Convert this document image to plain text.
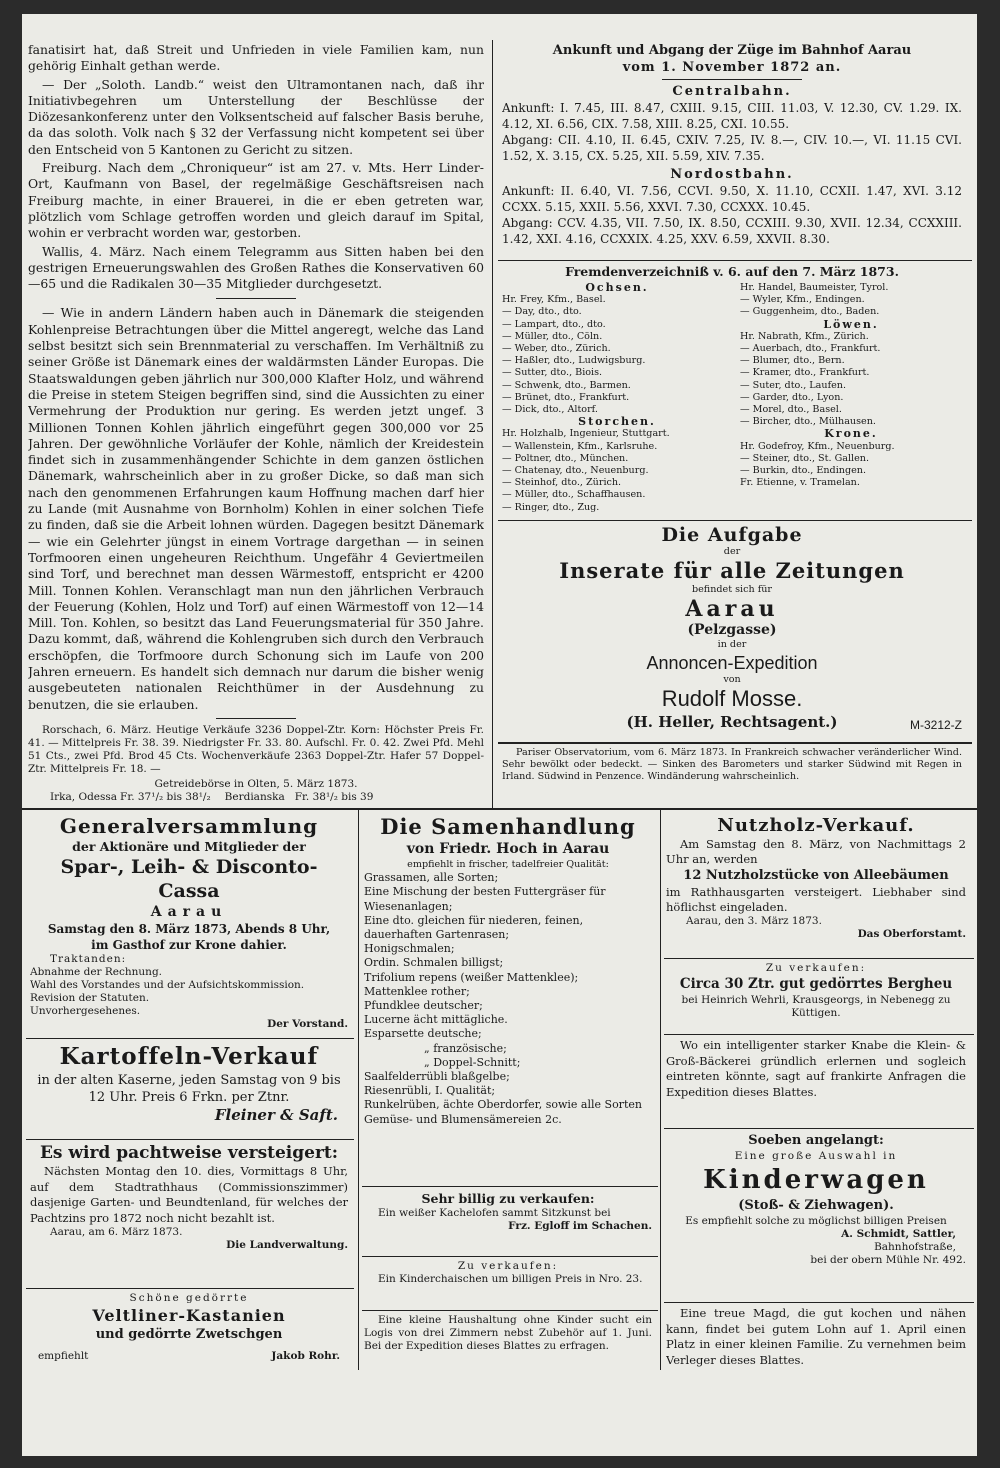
fanatisirt hat, daß Streit und Unfrieden in viele Familien kam, nun gehörig Einhalt gethan werde.

— Der „Soloth. Landb.“ weist den Ultramontanen nach, daß ihr Initiativbegehren um Unterstellung der Beschlüsse der Diözesankonferenz unter den Volksentscheid auf falscher Basis beruhe, da das soloth. Volk nach § 32 der Verfassung nicht kompetent sei über den Entscheid von 5 Kantonen zu Gericht zu sitzen.

Freiburg. Nach dem „Chroniqueur“ ist am 27. v. Mts. Herr Linder-Ort, Kaufmann von Basel, der regelmäßige Geschäftsreisen nach Freiburg machte, in einer Brauerei, in die er eben getreten war, plötzlich vom Schlage getroffen worden und gleich darauf im Spital, wohin er verbracht worden war, gestorben.

Wallis, 4. März. Nach einem Telegramm aus Sitten haben bei den gestrigen Erneuerungswahlen des Großen Rathes die Konservativen 60—65 und die Radikalen 30—35 Mitglieder durchgesetzt.

— Wie in andern Ländern haben auch in Dänemark die steigenden Kohlenpreise Betrachtungen über die Mittel angeregt, welche das Land selbst besitzt sich sein Brennmaterial zu verschaffen. Im Verhältniß zu seiner Größe ist Dänemark eines der waldärmsten Länder Europas. Die Staatswaldungen geben jährlich nur 300,000 Klafter Holz, und während die Preise in stetem Steigen begriffen sind, sind die Aussichten zu einer Vermehrung der Produktion nur gering. Es werden jetzt ungef. 3 Millionen Tonnen Kohlen jährlich eingeführt gegen 300,000 vor 25 Jahren. Der gewöhnliche Vorläufer der Kohle, nämlich der Kreidestein findet sich in zusammenhängender Schichte in dem ganzen östlichen Dänemark, wahrscheinlich aber in zu großer Dicke, so daß man sich nach den genommenen Erfahrungen kaum Hoffnung machen darf hier zu Lande (mit Ausnahme von Bornholm) Kohlen in einer solchen Tiefe zu finden, daß sie die Arbeit lohnen würden. Dagegen besitzt Dänemark — wie ein Gelehrter jüngst in einem Vortrage dargethan — in seinen Torfmooren einen ungeheuren Reichthum. Ungefähr 4 Geviertmeilen sind Torf, und berechnet man dessen Wärmestoff, entspricht er 4200 Mill. Tonnen Kohlen. Veranschlagt man nun den jährlichen Verbrauch der Feuerung (Kohlen, Holz und Torf) auf einen Wärmestoff von 12—14 Mill. Ton. Kohlen, so besitzt das Land Feuerungsmaterial für 350 Jahre. Dazu kommt, daß, während die Kohlengruben sich durch den Verbrauch erschöpfen, die Torfmoore durch Schonung sich im Laufe von 200 Jahren erneuern. Es handelt sich demnach nur darum die bisher wenig ausgebeuteten nationalen Reichthümer in der Ausdehnung zu benutzen, die sie erlauben.

Rorschach, 6. März. Heutige Verkäufe 3236 Doppel-Ztr. Korn: Höchster Preis Fr. 41. — Mittelpreis Fr. 38. 39. Niedrigster Fr. 33. 80. Aufschl. Fr. 0. 42. Zwei Pfd. Mehl 51 Cts., zwei Pfd. Brod 45 Cts. Wochenverkäufe 2363 Doppel-Ztr. Hafer 57 Doppel-Ztr. Mittelpreis Fr. 18. —

Getreidebörse in Olten, 5. März 1873.

Irka, Odessa	Fr. 37¹/₂ bis 38¹/₂	Berdianska	Fr. 38¹/₂ bis 39

Ankunft und Abgang der Züge im Bahnhof Aarau

vom 1. November 1872 an.

Centralbahn.

Ankunft: I. 7.45, III. 8.47, CXIII. 9.15, CIII. 11.03, V. 12.30, CV. 1.29. IX. 4.12, XI. 6.56, CIX. 7.58, XIII. 8.25, CXI. 10.55.

Abgang: CII. 4.10, II. 6.45, CXIV. 7.25, IV. 8.—, CIV. 10.—, VI. 11.15 CVI. 1.52, X. 3.15, CX. 5.25, XII. 5.59, XIV. 7.35.

Nordostbahn.

Ankunft: II. 6.40, VI. 7.56, CCVI. 9.50, X. 11.10, CCXII. 1.47, XVI. 3.12 CCXX. 5.15, XXII. 5.56, XXVI. 7.30, CCXXX. 10.45.

Abgang: CCV. 4.35, VII. 7.50, IX. 8.50, CCXIII. 9.30, XVII. 12.34, CCXXIII. 1.42, XXI. 4.16, CCXXIX. 4.25, XXV. 6.59, XXVII. 8.30.

Fremdenverzeichniß v. 6. auf den 7. März 1873.

Ochsen.

Hr. Frey, Kfm., Basel.

— Day, dto., dto.

— Lampart, dto., dto.

— Müller, dto., Cöln.

— Weber, dto., Zürich.

— Haßler, dto., Ludwigsburg.

— Sutter, dto., Biois.

— Schwenk, dto., Barmen.

— Brünet, dto., Frankfurt.

— Dick, dto., Altorf.

Storchen.

Hr. Holzhalb, Ingenieur, Stuttgart.

— Wallenstein, Kfm., Karlsruhe.

— Poltner, dto., München.

— Chatenay, dto., Neuenburg.

— Steinhof, dto., Zürich.

— Müller, dto., Schaffhausen.

— Ringer, dto., Zug.

Hr. Handel, Baumeister, Tyrol.

— Wyler, Kfm., Endingen.

— Guggenheim, dto., Baden.

Löwen.

Hr. Nabrath, Kfm., Zürich.

— Auerbach, dto., Frankfurt.

— Blumer, dto., Bern.

— Kramer, dto., Frankfurt.

— Suter, dto., Laufen.

— Garder, dto., Lyon.

— Morel, dto., Basel.

— Bircher, dto., Mülhausen.

Krone.

Hr. Godefroy, Kfm., Neuenburg.

— Steiner, dto., St. Gallen.

— Burkin, dto., Endingen.

Fr. Etienne, v. Tramelan.

Die Aufgabe

der

Inserate für alle Zeitungen

befindet sich für

Aarau

(Pelzgasse)

in der

Annoncen-Expedition

von

Rudolf Mosse.

(H. Heller, Rechtsagent.)	M-3212-Z

Pariser Observatorium, vom 6. März 1873. In Frankreich schwacher veränderlicher Wind. Sehr bewölkt oder bedeckt. — Sinken des Barometers und starker Südwind mit Regen in Irland. Südwind in Penzence. Windänderung wahrscheinlich.

Generalversammlung

der Aktionäre und Mitglieder der

Spar-, Leih- & Disconto-Cassa

Aarau

Samstag den 8. März 1873, Abends 8 Uhr,

im Gasthof zur Krone dahier.

Traktanden:

Abnahme der Rechnung.

Wahl des Vorstandes und der Aufsichtskommission.

Revision der Statuten.

Unvorhergesehenes.

Der Vorstand.

Kartoffeln-Verkauf

in der alten Kaserne, jeden Samstag von 9 bis 12 Uhr. Preis 6 Frkn. per Ztnr.

Fleiner & Saft.

Es wird pachtweise versteigert:

Nächsten Montag den 10. dies, Vormittags 8 Uhr, auf dem Stadtrathhaus (Commissionszimmer) dasjenige Garten- und Beundtenland, für welches der Pachtzins pro 1872 noch nicht bezahlt ist.

Aarau, am 6. März 1873.

Die Landverwaltung.

Schöne gedörrte

Veltliner-Kastanien

und gedörrte Zwetschgen

empfiehlt	Jakob Rohr.

Die Samenhandlung

von Friedr. Hoch in Aarau

empfiehlt in frischer, tadelfreier Qualität:

Grassamen, alle Sorten;

Eine Mischung der besten Futtergräser für Wiesenanlagen;

Eine dto. gleichen für niederen, feinen, dauerhaften Gartenrasen;

Honigschmalen;

Ordin. Schmalen billigst;

Trifolium repens (weißer Mattenklee);

Mattenklee rother;

Pfundklee deutscher;

Lucerne ächt mittägliche.

Esparsette deutsche;

„ französische;

„ Doppel-Schnitt;

Saalfelderrübli blaßgelbe;

Riesenrübli, I. Qualität;

Runkelrüben, ächte Oberdorfer, sowie alle Sorten

Gemüse- und Blumensämereien 2c.

Sehr billig zu verkaufen:

Ein weißer Kachelofen sammt Sitzkunst bei

Frz. Egloff im Schachen.

Zu verkaufen:

Ein Kinderchaischen um billigen Preis in Nro. 23.

Eine kleine Haushaltung ohne Kinder sucht ein Logis von drei Zimmern nebst Zubehör auf 1. Juni. Bei der Expedition dieses Blattes zu erfragen.

Nutzholz-Verkauf.

Am Samstag den 8. März, von Nachmittags 2 Uhr an, werden

12 Nutzholzstücke von Alleebäumen

im Rathhausgarten versteigert. Liebhaber sind höflichst eingeladen.

Aarau, den 3. März 1873.

Das Oberforstamt.

Zu verkaufen:

Circa 30 Ztr. gut gedörrtes Bergheu

bei Heinrich Wehrli, Krausgeorgs, in Nebenegg zu Küttigen.

Wo ein intelligenter starker Knabe die Klein- & Groß-Bäckerei gründlich erlernen und sogleich eintreten könnte, sagt auf frankirte Anfragen die Expedition dieses Blattes.

Soeben angelangt:

Eine große Auswahl in

Kinderwagen

(Stoß- & Ziehwagen).

Es empfiehlt solche zu möglichst billigen Preisen

A. Schmidt, Sattler,

Bahnhofstraße,

bei der obern Mühle Nr. 492.

Eine treue Magd, die gut kochen und nähen kann, findet bei gutem Lohn auf 1. April einen Platz in einer kleinen Familie. Zu vernehmen beim Verleger dieses Blattes.
